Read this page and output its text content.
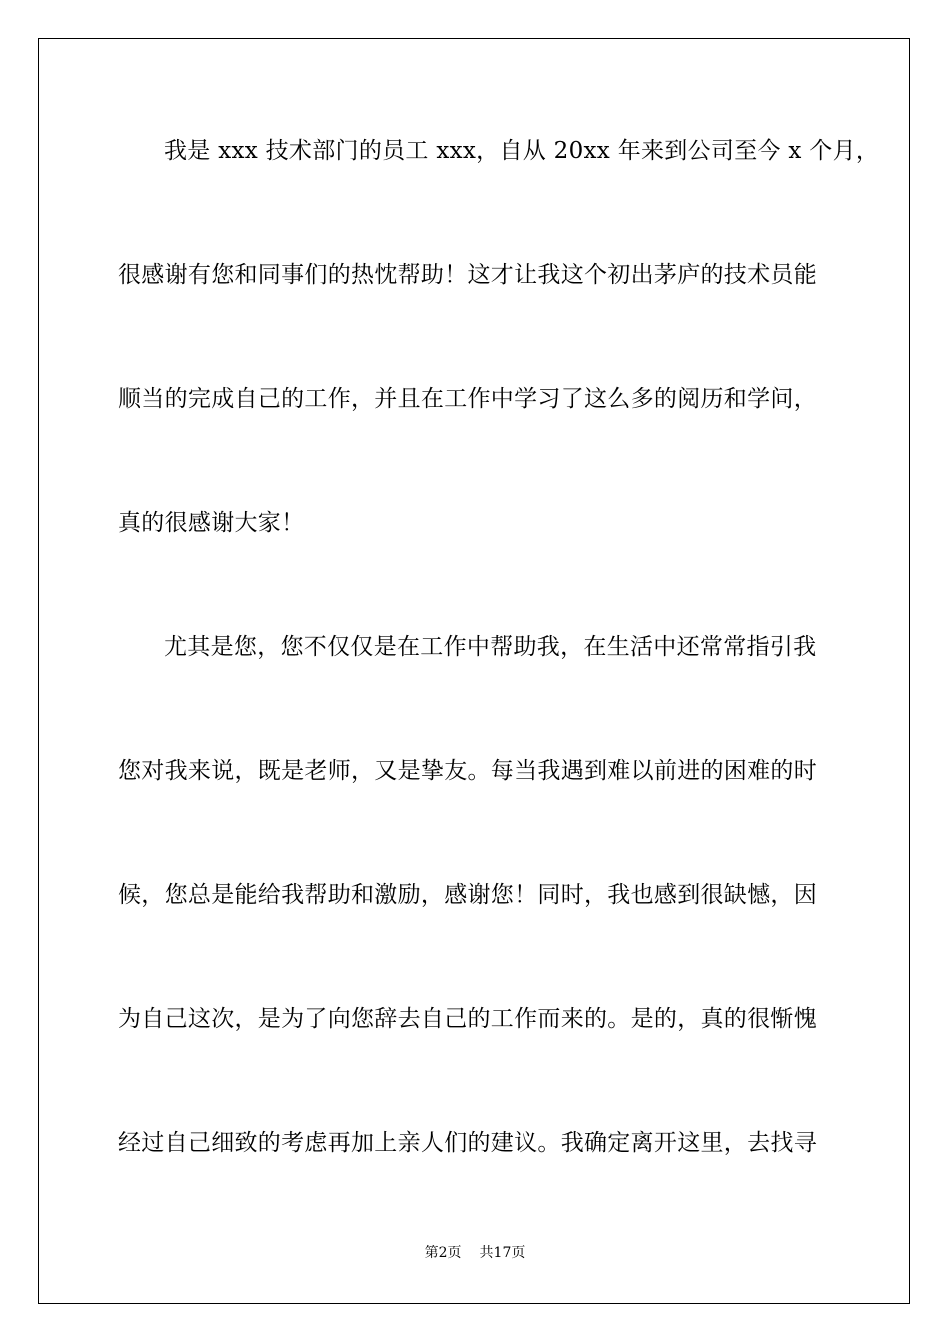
我是 xxx 技术部门的员工 xxx，自从 20xx 年来到公司至今 x 个月，
很感谢有您和同事们的热忱帮助！这才让我这个初出茅庐的技术员能
顺当的完成自己的工作，并且在工作中学习了这么多的阅历和学问，
真的很感谢大家！
尤其是您，您不仅仅是在工作中帮助我，在生活中还常常指引我
您对我来说，既是老师，又是挚友。每当我遇到难以前进的困难的时
候，您总是能给我帮助和激励，感谢您！同时，我也感到很缺憾，因
为自己这次，是为了向您辞去自己的工作而来的。是的，真的很惭愧
经过自己细致的考虑再加上亲人们的建议。我确定离开这里，去找寻
第2页 共17页
